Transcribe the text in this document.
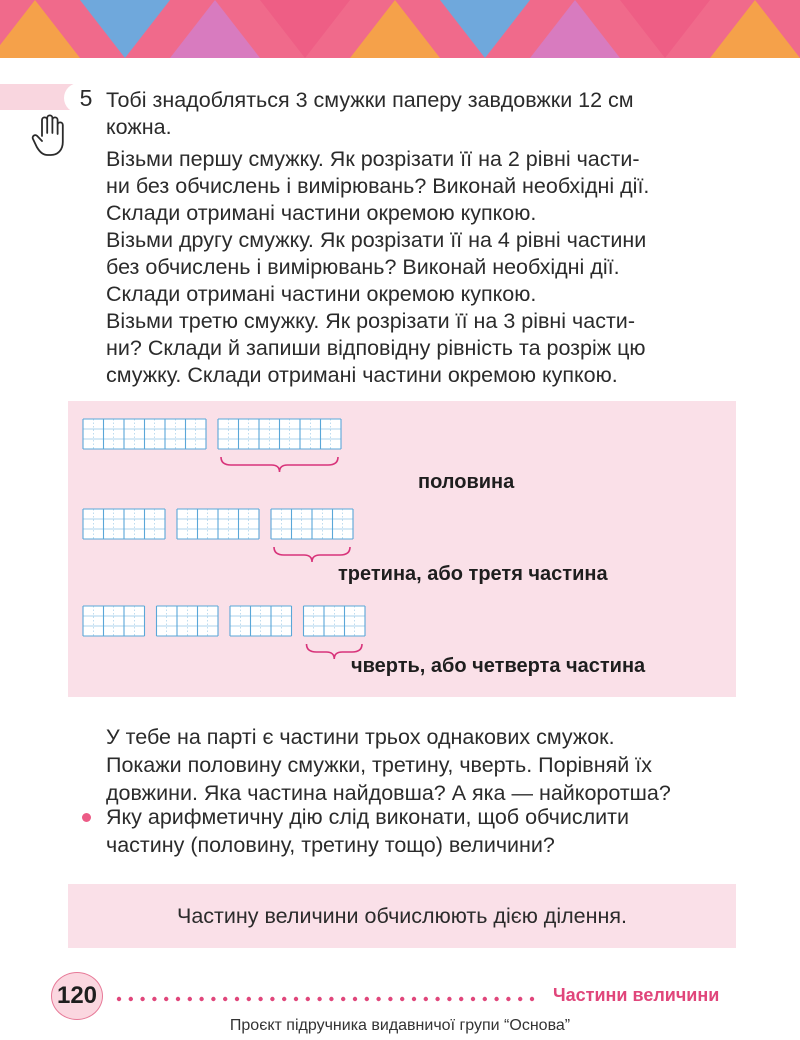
5 Тобі знадобляться 3 смужки паперу завдовжки 12 см
кожна.
Візьми першу смужку. Як розрізати її на 2 рівні части-
ни без обчислень і вимірювань? Виконай необхідні дії.
Склади отримані частини окремою купкою.
Візьми другу смужку. Як розрізати її на 4 рівні частини
без обчислень і вимірювань? Виконай необхідні дії.
Склади отримані частини окремою купкою.
Візьми третю смужку. Як розрізати її на 3 рівні части-
ни? Склади й запиши відповідну рівність та розріж цю
смужку. Склади отримані частини окремою купкою.
половина
третина, або третя частина
чверть, або четверта частина
У тебе на парті є частини трьох однакових смужок.
Покажи половину смужки, третину, чверть. Порівняй їх
довжини. Яка частина найдовша? А яка — найкоротша?
Яку арифметичну дію слід виконати, щоб обчислити
частину (половину, третину тощо) величини?
Частину величини обчислюють дією ділення.
120	Частини величини
Проєкт підручника видавничої групи “Основа”
